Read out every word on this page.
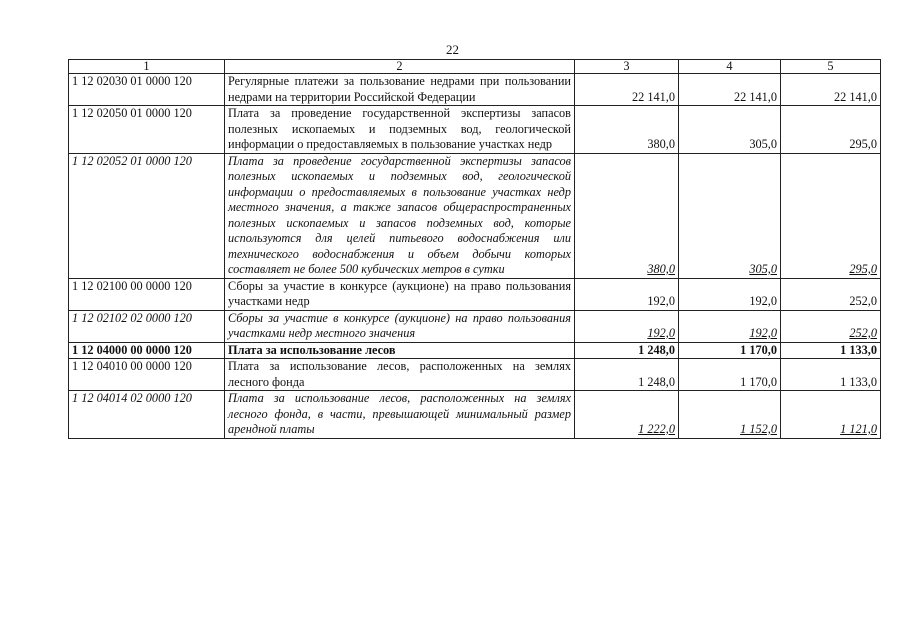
22
1	2	3	4	5
1 12 02030 01 0000 120	Регулярные платежи за пользование недрами при пользовании недрами на территории Российской Федерации	22 141,0	22 141,0	22 141,0
1 12 02050 01 0000 120	Плата за проведение государственной экспертизы запасов полезных ископаемых и подземных вод, геологической информации о предоставляемых в пользование участках недр	380,0	305,0	295,0
1 12 02052 01 0000 120	Плата за проведение государственной экспертизы запасов полезных ископаемых и подземных вод, геологической информации о предоставляемых в пользование участках недр местного значения, а также запасов общераспространенных полезных ископаемых и запасов подземных вод, которые используются для целей питьевого водоснабжения или технического водоснабжения и объем добычи которых составляет не более 500 кубических метров в сутки	380,0	305,0	295,0
1 12 02100 00 0000 120	Сборы за участие в конкурсе (аукционе) на право пользования участками недр	192,0	192,0	252,0
1 12 02102 02 0000 120	Сборы за участие в конкурсе (аукционе) на право пользования участками недр местного значения	192,0	192,0	252,0
1 12 04000 00 0000 120	Плата за использование лесов	1 248,0	1 170,0	1 133,0
1 12 04010 00 0000 120	Плата за использование лесов, расположенных на землях лесного фонда	1 248,0	1 170,0	1 133,0
1 12 04014 02 0000 120	Плата за использование лесов, расположенных на землях лесного фонда, в части, превышающей минимальный размер арендной платы	1 222,0	1 152,0	1 121,0
